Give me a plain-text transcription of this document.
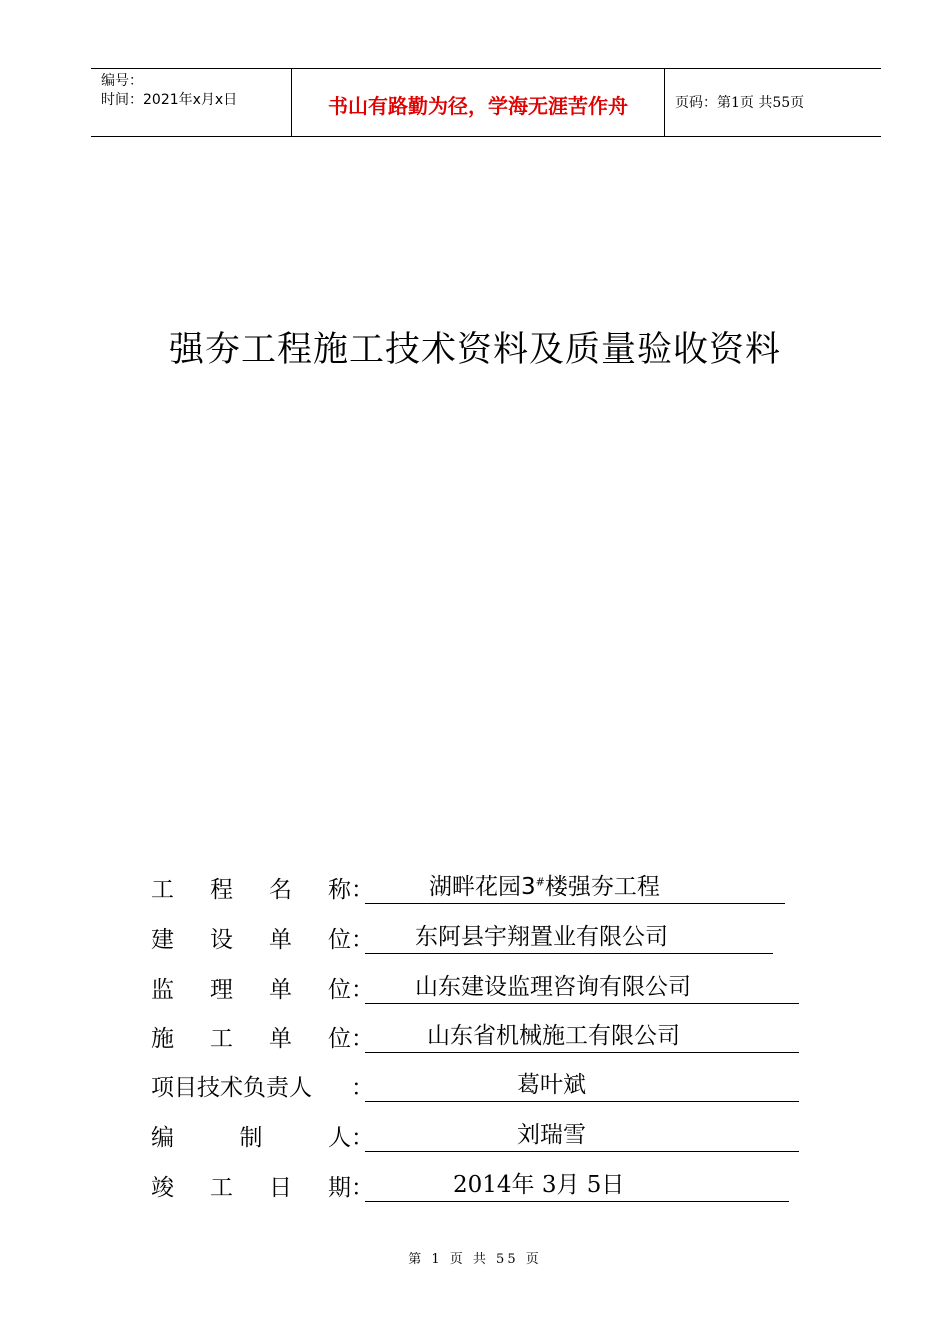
编号：
时间：2021年x月x日	书山有路勤为径，学海无涯苦作舟	页码：第1页 共55页
强夯工程施工技术资料及质量验收资料
工 程 名 称 ： 湖畔花园3#楼强夯工程
建 设 单 位 ： 东阿县宇翔置业有限公司
监 理 单 位 ： 山东建设监理咨询有限公司
施 工 单 位 ： 山东省机械施工有限公司
项目技术负责人 ：	葛叶斌
编	制	人 ：	刘瑞雪
竣 工 日 期 ：	2014年 3月 5日
第 1 页 共 55 页
